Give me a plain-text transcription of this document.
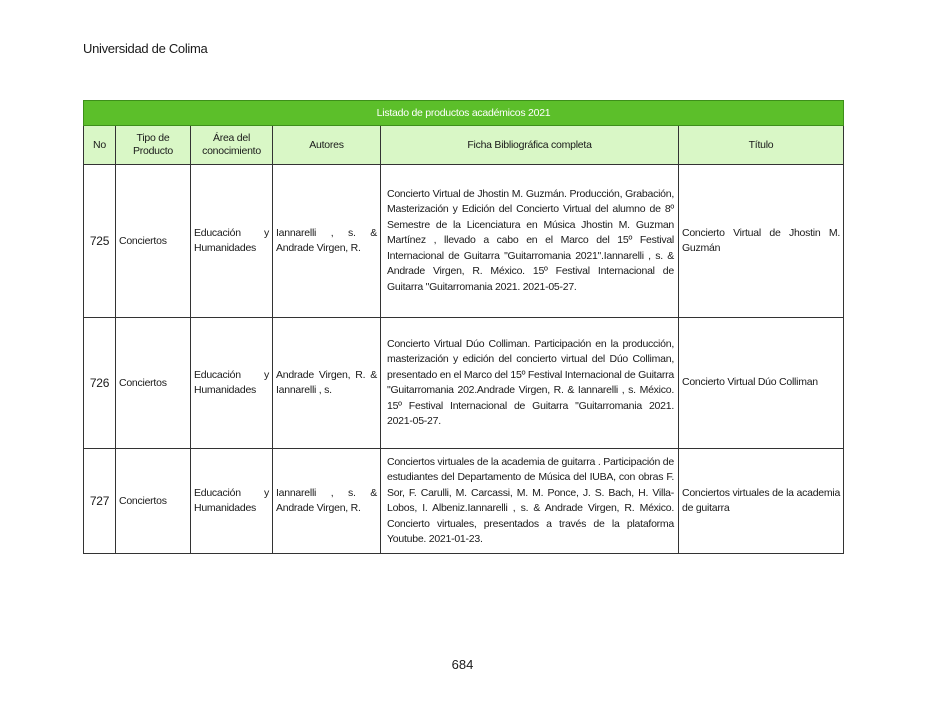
Universidad de Colima
Listado de productos académicos 2021					
No	Tipo de Producto	Área del conocimiento	Autores	Ficha Bibliográfica completa	Título
725	Conciertos	Educación y Humanidades	Iannarelli , s. & Andrade Virgen, R.	Concierto Virtual de Jhostin M. Guzmán. Producción, Grabación, Masterización y Edición del Concierto Virtual del alumno de 8º Semestre de la Licenciatura en Música Jhostin M. Guzman Martínez , llevado a cabo en el Marco del 15º Festival Internacional de Guitarra "Guitarromania 2021".Iannarelli , s. & Andrade Virgen, R. México. 15º Festival Internacional de Guitarra "Guitarromania 2021. 2021-05-27.	Concierto Virtual de Jhostin M. Guzmán
726	Conciertos	Educación y Humanidades	Andrade Virgen, R. & Iannarelli , s.	Concierto Virtual Dúo Colliman. Participación en la producción, masterización y edición del concierto virtual del Dúo Colliman, presentado en el Marco del 15º Festival Internacional de Guitarra "Guitarromania 202.Andrade Virgen, R. & Iannarelli , s. México. 15º Festival Internacional de Guitarra "Guitarromania 2021. 2021-05-27.	Concierto Virtual Dúo Colliman
727	Conciertos	Educación y Humanidades	Iannarelli , s. & Andrade Virgen, R.	Conciertos virtuales de la academia de guitarra . Participación de estudiantes del Departamento de Música del IUBA, con obras F. Sor, F. Carulli, M. Carcassi, M. M. Ponce, J. S. Bach, H. Villa-Lobos, I. Albeniz.Iannarelli , s. & Andrade Virgen, R. México. Concierto virtuales, presentados a través de la plataforma Youtube. 2021-01-23.	Conciertos virtuales de la academia de guitarra
684
